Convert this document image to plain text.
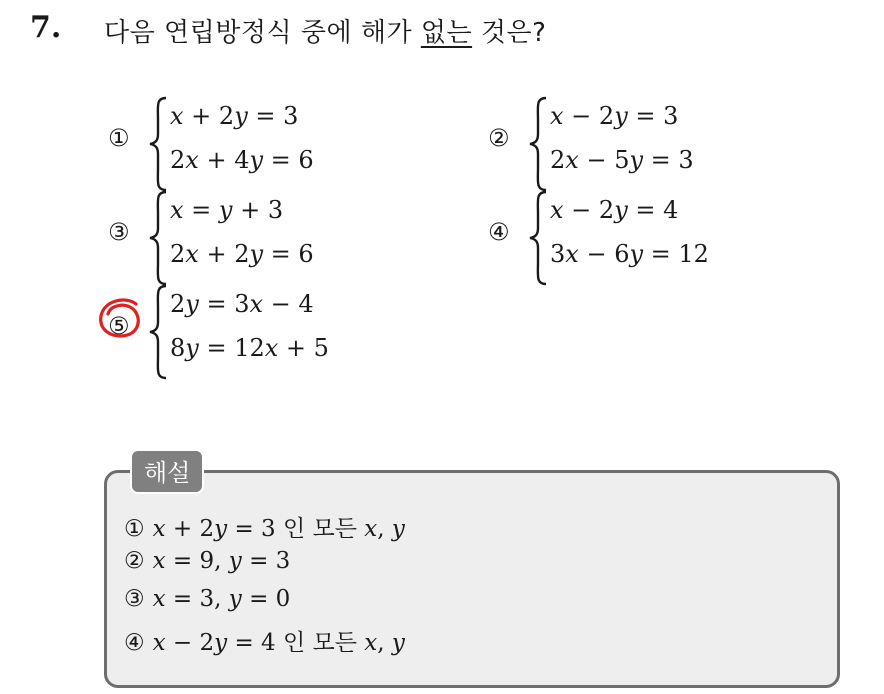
7. 다음 연립방정식 중에 해가 없는 것은?
①
x + 2y = 3
2x + 4y = 6
②
x − 2y = 3
2x − 5y = 3
③
x = y + 3
2x + 2y = 6
④
x − 2y = 4
3x − 6y = 12
⑤
2y = 3x − 4
8y = 12x + 5
해설
① x + 2y = 3 인 모든 x, y
② x = 9, y = 3
③ x = 3, y = 0
④ x − 2y = 4 인 모든 x, y
